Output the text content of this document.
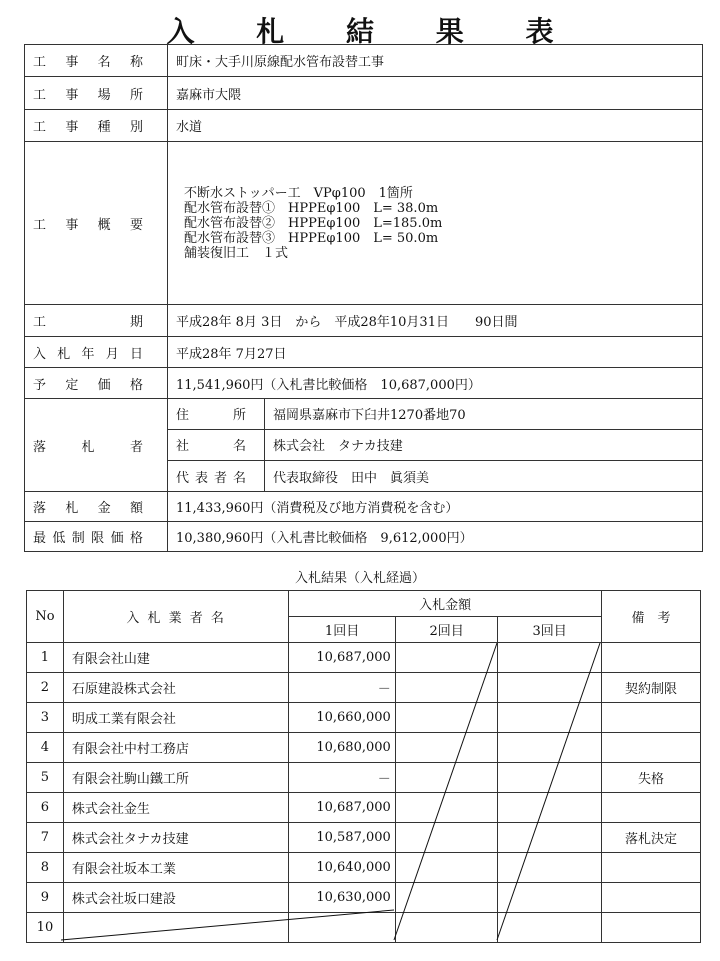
入 札 結 果 表
工 事 名 称	町床・大手川原線配水管布設替工事

工 事 場 所	嘉麻市大隈

工 事 種 別	水道

工 事 概 要

不断水ストッパー工　VPφ100　1箇所
配水管布設替①　HPPEφ100　L= 38.0m
配水管布設替②　HPPEφ100　L=185.0m
配水管布設替③　HPPEφ100　L= 50.0m
舗装復旧工　１式

工	期	平成28年 8月 3日　から　平成28年10月31日　　90日間

入 札 年 月 日	平成28年 7月27日

予 定 価 格	11,541,960円（入札書比較価格　10,687,000円）

落	札	者

住	所	福岡県嘉麻市下臼井1270番地70

社	名	株式会社　タナカ技建

代 表 者 名	代表取締役　田中　眞須美

落 札 金 額	11,433,960円（消費税及び地方消費税を含む）

最 低 制 限 価 格	10,380,960円（入札書比較価格　9,612,000円）
入札結果（入札経過）
No	入 札 業 者 名	入札金額			備　考
		1回目	2回目	3回目	
1	有限会社山建	10,687,000			
2	石原建設株式会社	－			契約制限
3	明成工業有限会社	10,660,000			
4	有限会社中村工務店	10,680,000			
5	有限会社駒山鐵工所	－			失格
6	株式会社金生	10,687,000			
7	株式会社タナカ技建	10,587,000			落札決定
8	有限会社坂本工業	10,640,000			
9	株式会社坂口建設	10,630,000			
10					
